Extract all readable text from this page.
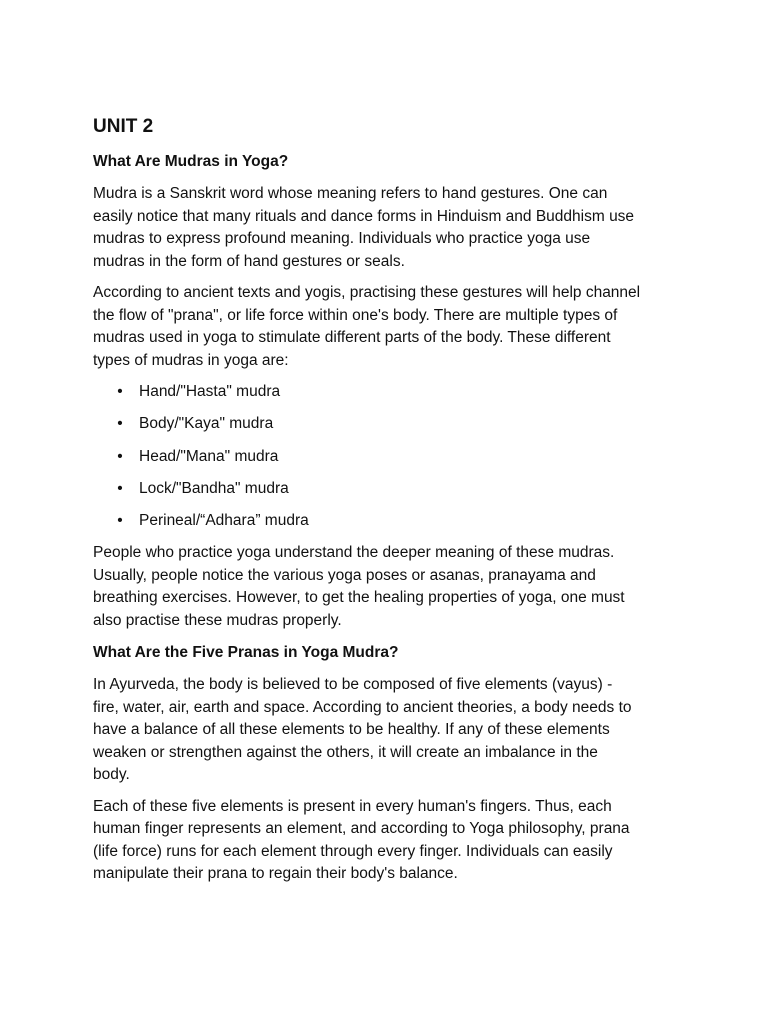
UNIT 2
What Are Mudras in Yoga?
Mudra is a Sanskrit word whose meaning refers to hand gestures. One can
easily notice that many rituals and dance forms in Hinduism and Buddhism use
mudras to express profound meaning. Individuals who practice yoga use
mudras in the form of hand gestures or seals.
According to ancient texts and yogis, practising these gestures will help channel
the flow of "prana", or life force within one's body. There are multiple types of
mudras used in yoga to stimulate different parts of the body. These different
types of mudras in yoga are:
• Hand/"Hasta" mudra
• Body/"Kaya" mudra
• Head/"Mana" mudra
• Lock/"Bandha" mudra
• Perineal/“Adhara” mudra
People who practice yoga understand the deeper meaning of these mudras.
Usually, people notice the various yoga poses or asanas, pranayama and
breathing exercises. However, to get the healing properties of yoga, one must
also practise these mudras properly.
What Are the Five Pranas in Yoga Mudra?
In Ayurveda, the body is believed to be composed of five elements (vayus) -
fire, water, air, earth and space. According to ancient theories, a body needs to
have a balance of all these elements to be healthy. If any of these elements
weaken or strengthen against the others, it will create an imbalance in the
body.
Each of these five elements is present in every human's fingers. Thus, each
human finger represents an element, and according to Yoga philosophy, prana
(life force) runs for each element through every finger. Individuals can easily
manipulate their prana to regain their body's balance.
